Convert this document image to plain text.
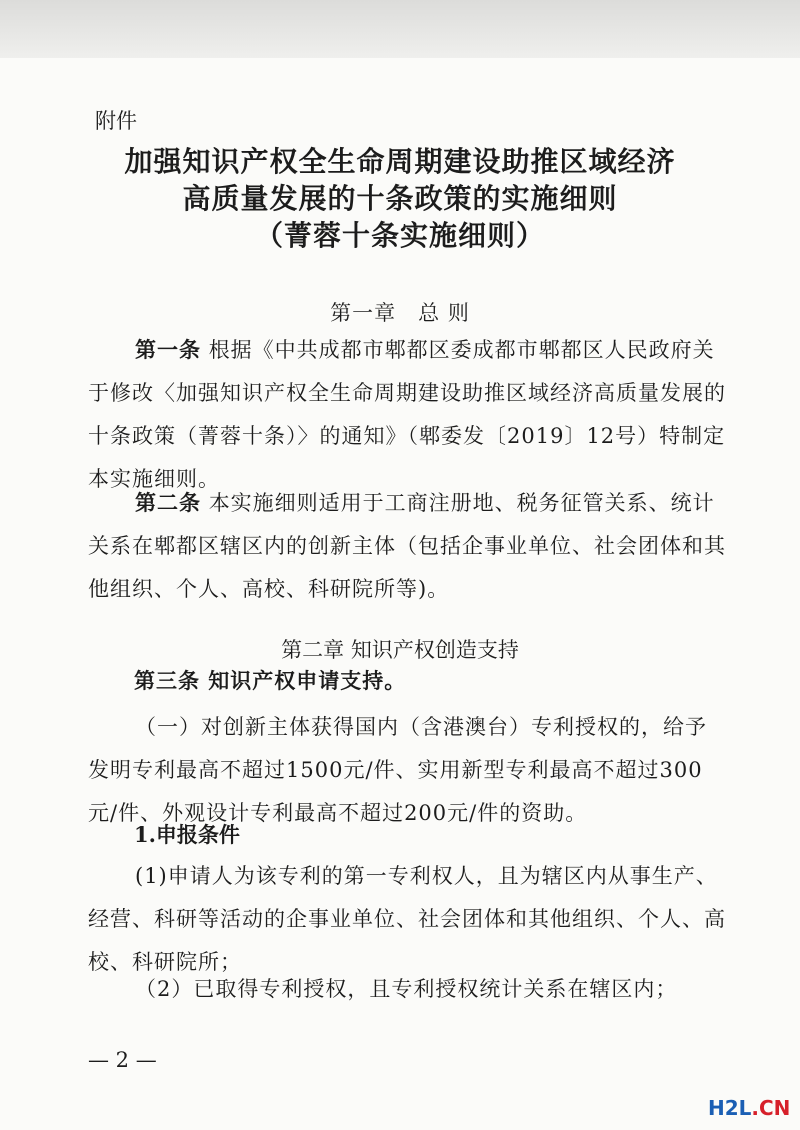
附件

加强知识产权全生命周期建设助推区域经济

高质量发展的十条政策的实施细则

（菁蓉十条实施细则）

第一章　总 则

第一条 根据《中共成都市郫都区委成都市郫都区人民政府关于修改〈加强知识产权全生命周期建设助推区域经济高质量发展的十条政策（菁蓉十条）〉的通知》（郫委发〔2019〕12号）特制定本实施细则。
第二条 本实施细则适用于工商注册地、税务征管关系、统计关系在郫都区辖区内的创新主体（包括企事业单位、社会团体和其他组织、个人、高校、科研院所等)。

第二章 知识产权创造支持

第三条 知识产权申请支持。

（一）对创新主体获得国内（含港澳台）专利授权的，给予发明专利最高不超过1500元/件、实用新型专利最高不超过300元/件、外观设计专利最高不超过200元/件的资助。

1.申报条件

(1)申请人为该专利的第一专利权人，且为辖区内从事生产、经营、科研等活动的企事业单位、社会团体和其他组织、个人、高校、科研院所；
（2）已取得专利授权，且专利授权统计关系在辖区内；

— 2 —

H2L.CN
